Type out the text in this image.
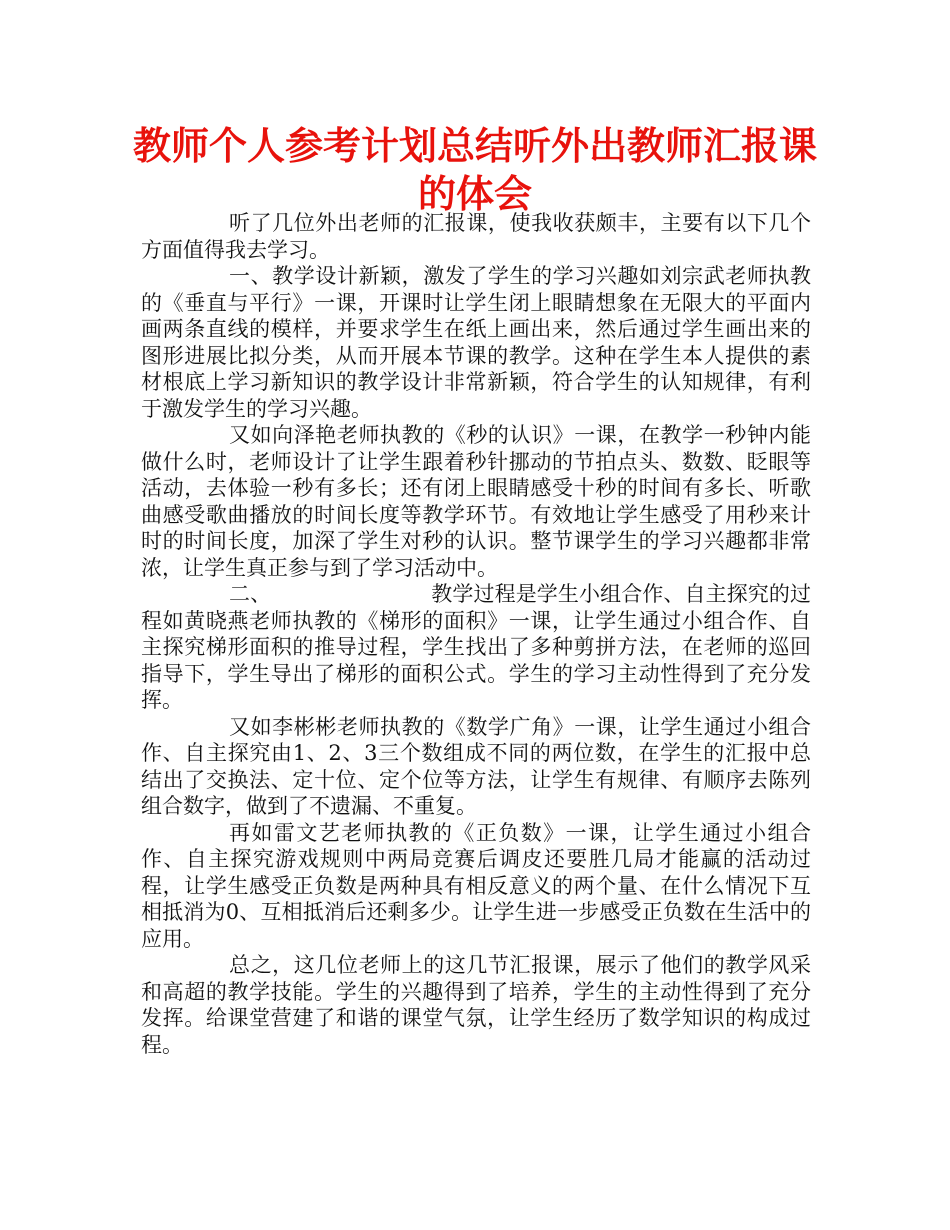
教师个人参考计划总结听外出教师汇报课
的体会

听了几位外出老师的汇报课，使我收获颇丰，主要有以下几个方面值得我去学习。

一、教学设计新颖，激发了学生的学习兴趣如刘宗武老师执教的《垂直与平行》一课，开课时让学生闭上眼睛想象在无限大的平面内画两条直线的模样，并要求学生在纸上画出来，然后通过学生画出来的图形进展比拟分类，从而开展本节课的教学。这种在学生本人提供的素材根底上学习新知识的教学设计非常新颖，符合学生的认知规律，有利于激发学生的学习兴趣。

又如向泽艳老师执教的《秒的认识》一课，在教学一秒钟内能做什么时，老师设计了让学生跟着秒针挪动的节拍点头、数数、眨眼等活动，去体验一秒有多长；还有闭上眼睛感受十秒的时间有多长、听歌曲感受歌曲播放的时间长度等教学环节。有效地让学生感受了用秒来计时的时间长度，加深了学生对秒的认识。整节课学生的学习兴趣都非常浓，让学生真正参与到了学习活动中。

二、	教学过程是学生小组合作、自主探究的过程如黄晓燕老师执教的《梯形的面积》一课，让学生通过小组合作、自主探究梯形面积的推导过程，学生找出了多种剪拼方法，在老师的巡回指导下，学生导出了梯形的面积公式。学生的学习主动性得到了充分发挥。

又如李彬彬老师执教的《数学广角》一课，让学生通过小组合作、自主探究由1、2、3三个数组成不同的两位数，在学生的汇报中总结出了交换法、定十位、定个位等方法，让学生有规律、有顺序去陈列组合数字，做到了不遗漏、不重复。

再如雷文艺老师执教的《正负数》一课，让学生通过小组合作、自主探究游戏规则中两局竞赛后调皮还要胜几局才能赢的活动过程，让学生感受正负数是两种具有相反意义的两个量、在什么情况下互相抵消为0、互相抵消后还剩多少。让学生进一步感受正负数在生活中的应用。

总之，这几位老师上的这几节汇报课，展示了他们的教学风采和高超的教学技能。学生的兴趣得到了培养，学生的主动性得到了充分发挥。给课堂营建了和谐的课堂气氛，让学生经历了数学知识的构成过程。
